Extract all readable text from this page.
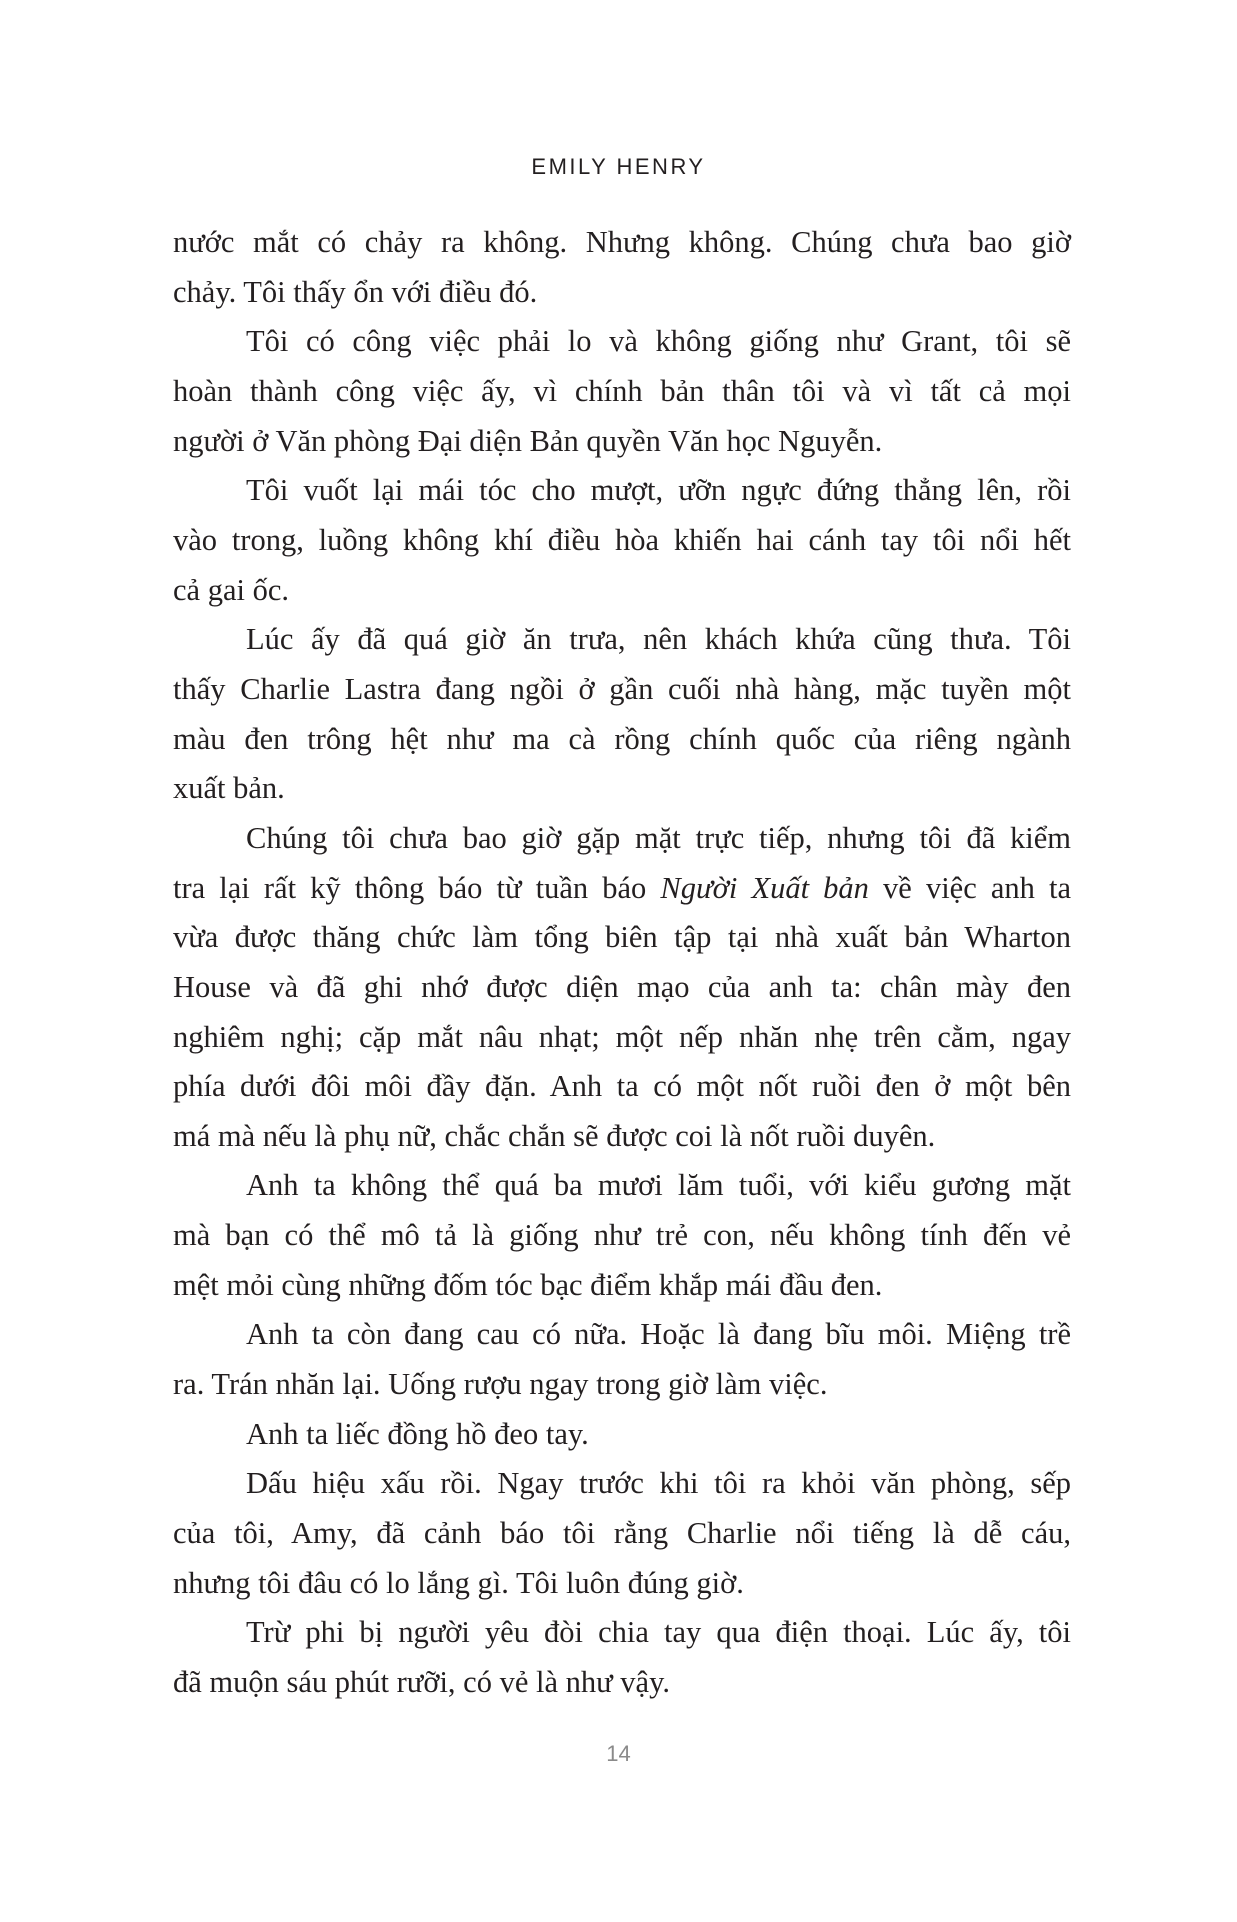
EMILY HENRY
nước mắt có chảy ra không. Nhưng không. Chúng chưa bao giờ
chảy. Tôi thấy ổn với điều đó.
Tôi có công việc phải lo và không giống như Grant, tôi sẽ
hoàn thành công việc ấy, vì chính bản thân tôi và vì tất cả mọi
người ở Văn phòng Đại diện Bản quyền Văn học Nguyễn.
Tôi vuốt lại mái tóc cho mượt, ưỡn ngực đứng thẳng lên, rồi
vào trong, luồng không khí điều hòa khiến hai cánh tay tôi nổi hết
cả gai ốc.
Lúc ấy đã quá giờ ăn trưa, nên khách khứa cũng thưa. Tôi
thấy Charlie Lastra đang ngồi ở gần cuối nhà hàng, mặc tuyền một
màu đen trông hệt như ma cà rồng chính quốc của riêng ngành
xuất bản.
Chúng tôi chưa bao giờ gặp mặt trực tiếp, nhưng tôi đã kiểm
tra lại rất kỹ thông báo từ tuần báo Người Xuất bản về việc anh ta
vừa được thăng chức làm tổng biên tập tại nhà xuất bản Wharton
House và đã ghi nhớ được diện mạo của anh ta: chân mày đen
nghiêm nghị; cặp mắt nâu nhạt; một nếp nhăn nhẹ trên cằm, ngay
phía dưới đôi môi đầy đặn. Anh ta có một nốt ruồi đen ở một bên
má mà nếu là phụ nữ, chắc chắn sẽ được coi là nốt ruồi duyên.
Anh ta không thể quá ba mươi lăm tuổi, với kiểu gương mặt
mà bạn có thể mô tả là giống như trẻ con, nếu không tính đến vẻ
mệt mỏi cùng những đốm tóc bạc điểm khắp mái đầu đen.
Anh ta còn đang cau có nữa. Hoặc là đang bĩu môi. Miệng trề
ra. Trán nhăn lại. Uống rượu ngay trong giờ làm việc.
Anh ta liếc đồng hồ đeo tay.
Dấu hiệu xấu rồi. Ngay trước khi tôi ra khỏi văn phòng, sếp
của tôi, Amy, đã cảnh báo tôi rằng Charlie nổi tiếng là dễ cáu,
nhưng tôi đâu có lo lắng gì. Tôi luôn đúng giờ.
Trừ phi bị người yêu đòi chia tay qua điện thoại. Lúc ấy, tôi
đã muộn sáu phút rưỡi, có vẻ là như vậy.
14
